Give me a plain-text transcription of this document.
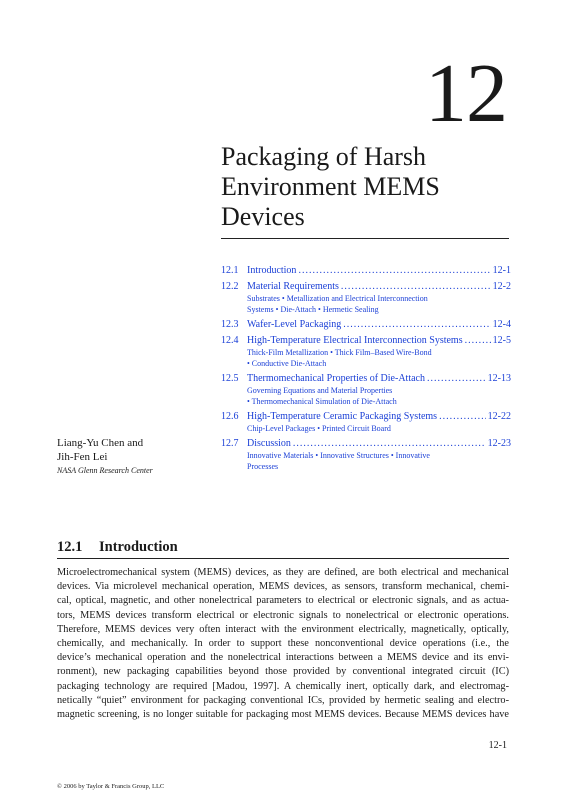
12
Packaging of Harsh
Environment MEMS
Devices
12.1 Introduction .....	12-1
12.2 Material Requirements .....	12-2
Substrates • Metallization and Electrical Interconnection
Systems • Die-Attach • Hermetic Sealing
12.3 Wafer-Level Packaging .....	12-4
12.4 High-Temperature Electrical Interconnection Systems .....	12-5
Thick-Film Metallization • Thick Film–Based Wire-Bond
• Conductive Die-Attach
12.5 Thermomechanical Properties of Die-Attach .....	12-13
Governing Equations and Material Properties
• Thermomechanical Simulation of Die-Attach
12.6 High-Temperature Ceramic Packaging Systems .....	12-22
Chip-Level Packages • Printed Circuit Board
12.7 Discussion .....	12-23
Innovative Materials • Innovative Structures • Innovative
Processes
Liang-Yu Chen and
Jih-Fen Lei
NASA Glenn Research Center
12.1 Introduction
Microelectromechanical system (MEMS) devices, as they are defined, are both electrical and mechanical
devices. Via microlevel mechanical operation, MEMS devices, as sensors, transform mechanical, chemi-
cal, optical, magnetic, and other nonelectrical parameters to electrical or electronic signals, and as actua-
tors, MEMS devices transform electrical or electronic signals to nonelectrical or electronic operations.
Therefore, MEMS devices very often interact with the environment electrically, magnetically, optically,
chemically, and mechanically. In order to support these nonconventional device operations (i.e., the
device’s mechanical operation and the nonelectrical interactions between a MEMS device and its envi-
ronment), new packaging capabilities beyond those provided by conventional integrated circuit (IC)
packaging technology are required [Madou, 1997]. A chemically inert, optically dark, and electromag-
netically “quiet” environment for packaging conventional ICs, provided by hermetic sealing and electro-
magnetic screening, is no longer suitable for packaging most MEMS devices. Because MEMS devices have
12-1
© 2006 by Taylor & Francis Group, LLC
